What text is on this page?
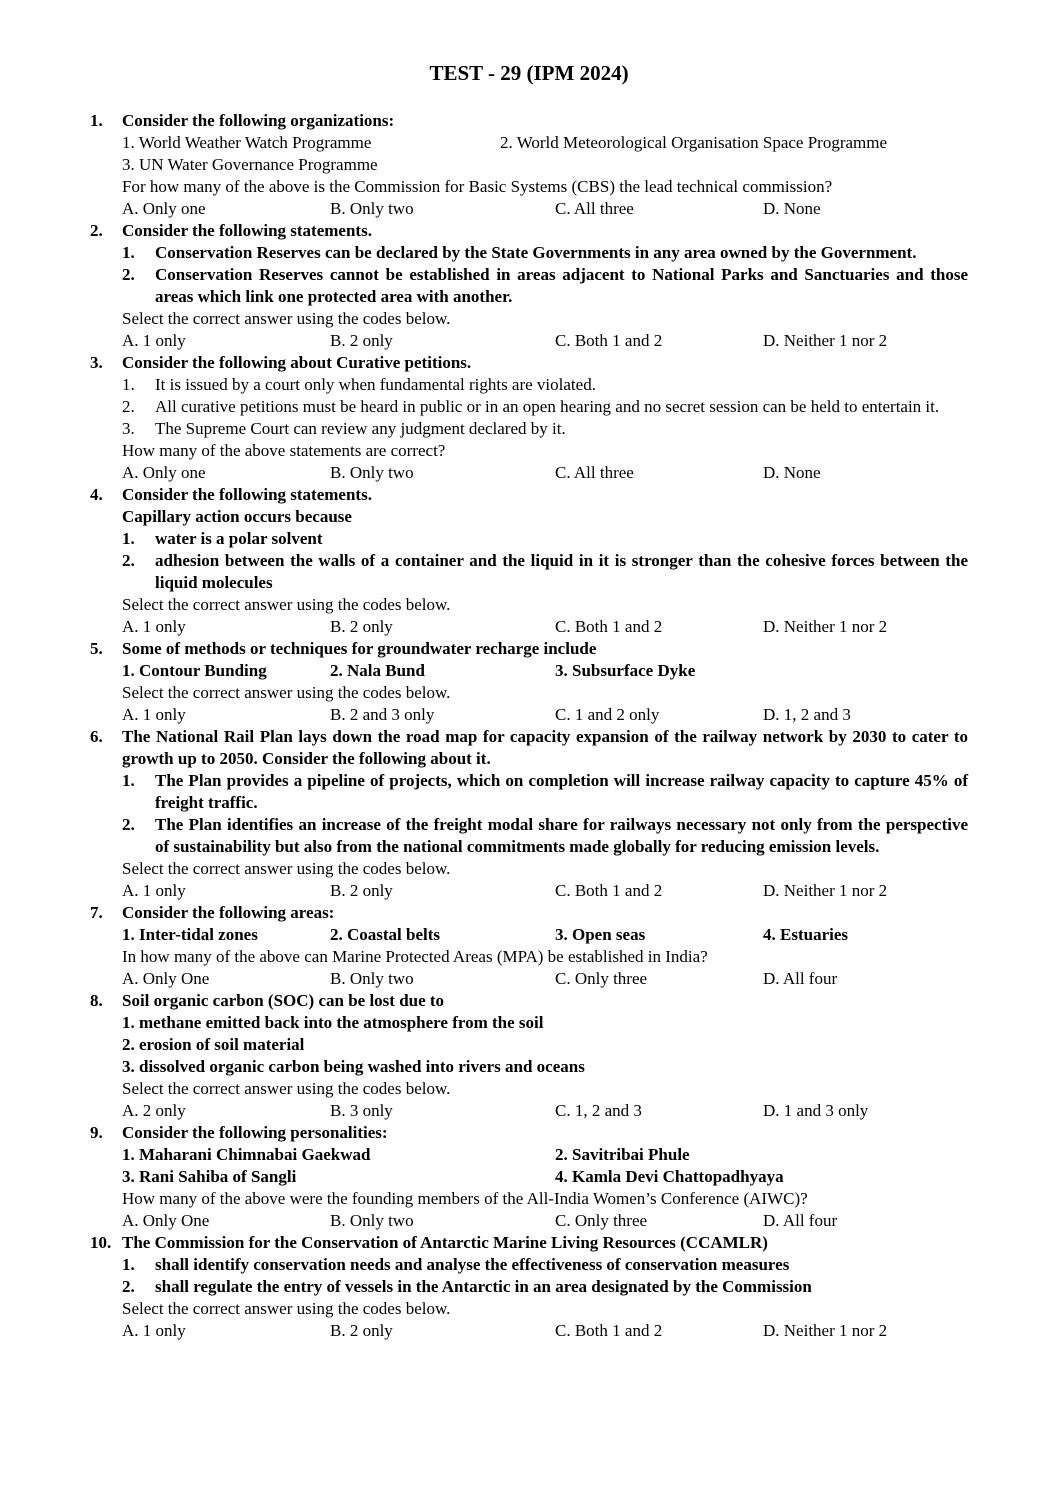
TEST - 29 (IPM 2024)
1.	Consider the following organizations:

1. World Weather Watch Programme	2. World Meteorological Organisation Space Programme

3. UN Water Governance Programme

For how many of the above is the Commission for Basic Systems (CBS) the lead technical commission?

A. Only one	B. Only two	C. All three	D. None
2.	Consider the following statements.

1.	Conservation Reserves can be declared by the State Governments in any area owned by the Government.
2.	Conservation Reserves cannot be established in areas adjacent to National Parks and Sanctuaries and those areas which link one protected area with another.

Select the correct answer using the codes below.

A. 1 only	B. 2 only	C. Both 1 and 2	D. Neither 1 nor 2
3.	Consider the following about Curative petitions.

1.	It is issued by a court only when fundamental rights are violated.
2.	All curative petitions must be heard in public or in an open hearing and no secret session can be held to entertain it.
3.	The Supreme Court can review any judgment declared by it.

How many of the above statements are correct?

A. Only one	B. Only two	C. All three	D. None
4.	Consider the following statements.

Capillary action occurs because

1.	water is a polar solvent
2.	adhesion between the walls of a container and the liquid in it is stronger than the cohesive forces between the liquid molecules

Select the correct answer using the codes below.

A. 1 only	B. 2 only	C. Both 1 and 2	D. Neither 1 nor 2
5.	Some of methods or techniques for groundwater recharge include

1. Contour Bunding	2. Nala Bund	3. Subsurface Dyke

Select the correct answer using the codes below.

A. 1 only	B. 2 and 3 only	C. 1 and 2 only	D. 1, 2 and 3
6.	The National Rail Plan lays down the road map for capacity expansion of the railway network by 2030 to cater to growth up to 2050. Consider the following about it.

1.	The Plan provides a pipeline of projects, which on completion will increase railway capacity to capture 45% of freight traffic.
2.	The Plan identifies an increase of the freight modal share for railways necessary not only from the perspective of sustainability but also from the national commitments made globally for reducing emission levels.

Select the correct answer using the codes below.

A. 1 only	B. 2 only	C. Both 1 and 2	D. Neither 1 nor 2
7.	Consider the following areas:

1. Inter-tidal zones	2. Coastal belts	3. Open seas	4. Estuaries

In how many of the above can Marine Protected Areas (MPA) be established in India?

A. Only One	B. Only two	C. Only three	D. All four
8.	Soil organic carbon (SOC) can be lost due to

1. methane emitted back into the atmosphere from the soil

2. erosion of soil material

3. dissolved organic carbon being washed into rivers and oceans

Select the correct answer using the codes below.

A. 2 only	B. 3 only	C. 1, 2 and 3	D. 1 and 3 only
9.	Consider the following personalities:

1. Maharani Chimnabai Gaekwad	2. Savitribai Phule
3. Rani Sahiba of Sangli	4. Kamla Devi Chattopadhyaya

How many of the above were the founding members of the All-India Women’s Conference (AIWC)?

A. Only One	B. Only two	C. Only three	D. All four
10. The Commission for the Conservation of Antarctic Marine Living Resources (CCAMLR)

1.	shall identify conservation needs and analyse the effectiveness of conservation measures
2.	shall regulate the entry of vessels in the Antarctic in an area designated by the Commission

Select the correct answer using the codes below.

A. 1 only	B. 2 only	C. Both 1 and 2	D. Neither 1 nor 2
